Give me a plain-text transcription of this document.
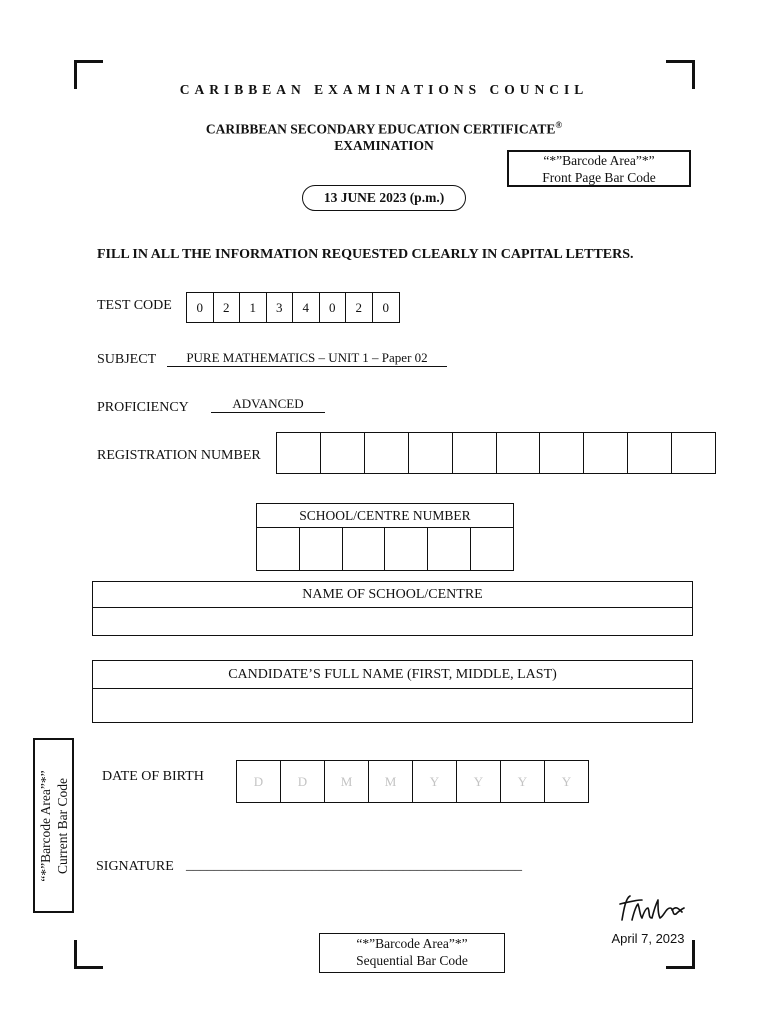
CARIBBEAN EXAMINATIONS COUNCIL
CARIBBEAN SECONDARY EDUCATION CERTIFICATE®
EXAMINATION
“*”Barcode Area”*”
Front Page Bar Code
13 JUNE 2023 (p.m.)
FILL IN ALL THE INFORMATION REQUESTED CLEARLY IN CAPITAL LETTERS.
TEST CODE	0	2	1	3	4	0	2	0
SUBJECT	PURE MATHEMATICS – UNIT 1 – Paper 02
PROFICIENCY	ADVANCED
REGISTRATION NUMBER
SCHOOL/CENTRE NUMBER
NAME OF SCHOOL/CENTRE
CANDIDATE’S FULL NAME (FIRST, MIDDLE, LAST)
DATE OF BIRTH	D	D	M	M	Y	Y	Y	Y
SIGNATURE ________________________________________________
“*”Barcode Area”*” Current Bar Code
“*”Barcode Area”*”
Sequential Bar Code
April 7, 2023
